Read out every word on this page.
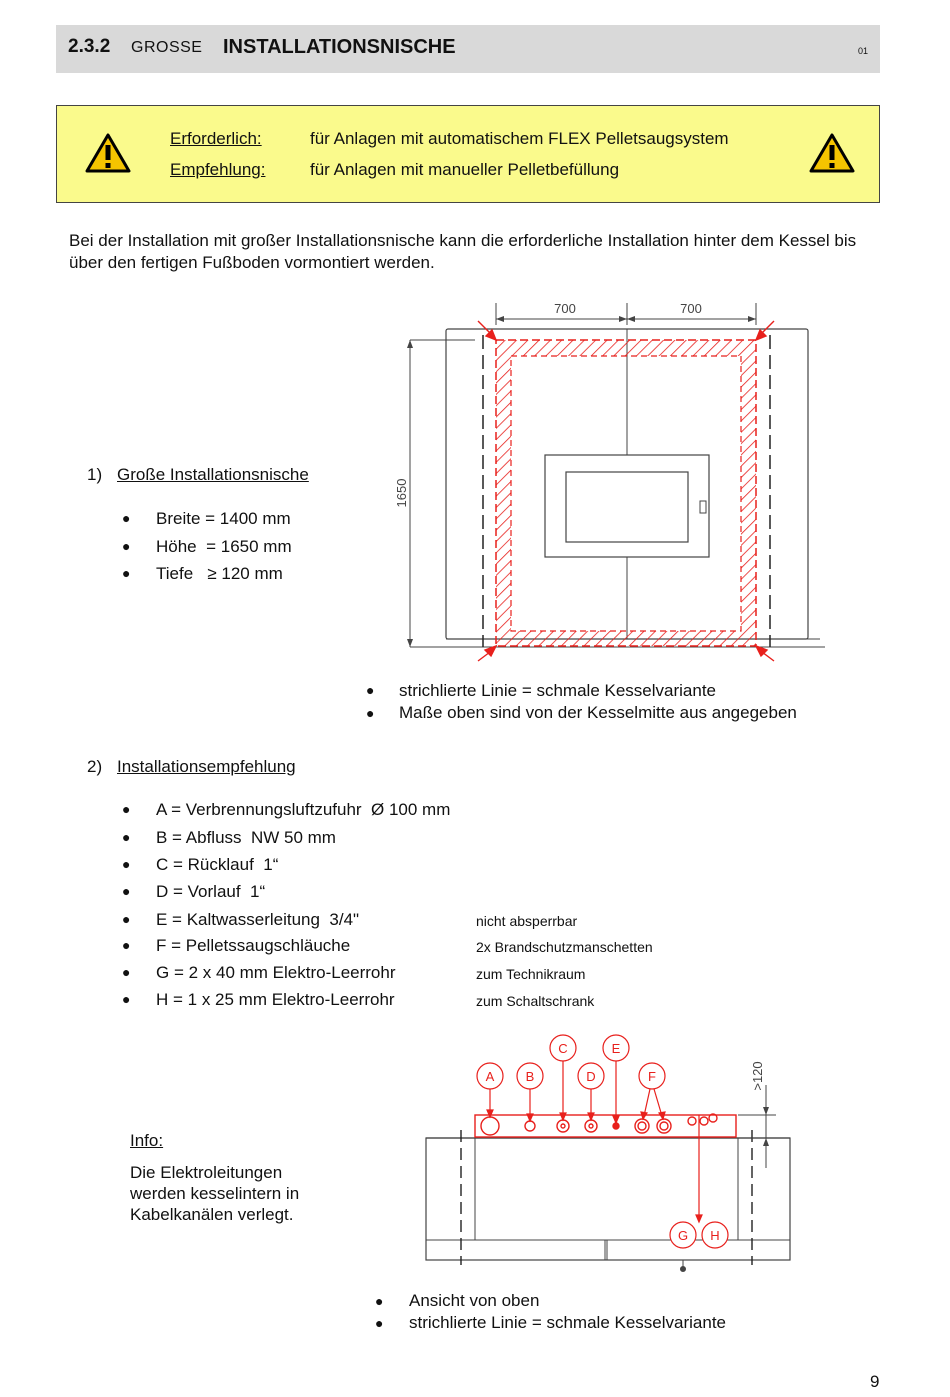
2.3.2 GROSSE INSTALLATIONSNISCHE	01
Erforderlich:	für Anlagen mit automatischem FLEX Pelletsaugsystem
Empfehlung:	für Anlagen mit manueller Pelletbefüllung
Bei der Installation mit großer Installationsnische kann die erforderliche Installation hinter dem Kessel bis über den fertigen Fußboden vormontiert werden.
1) Große Installationsnische
● Breite = 1400 mm
● Höhe  = 1650 mm
● Tiefe   ≥ 120 mm
700	700
1650
● strichlierte Linie = schmale Kesselvariante
● Maße oben sind von der Kesselmitte aus angegeben
2) Installationsempfehlung
● A = Verbrennungsluftzufuhr  Ø 100 mm
● B = Abfluss  NW 50 mm
● C = Rücklauf  1“
● D = Vorlauf  1“
● E = Kaltwasserleitung  3/4"	nicht absperrbar
● F = Pelletssaugschläuche	2x Brandschutzmanschetten
● G = 2 x 40 mm Elektro-Leerrohr	zum Technikraum
● H = 1 x 25 mm Elektro-Leerrohr	zum Schaltschrank
Info:
Die Elektroleitungen werden kesselintern in Kabelkanälen verlegt.
A B
C
D
E
F
G H
>120
● Ansicht von oben
● strichlierte Linie = schmale Kesselvariante
9
